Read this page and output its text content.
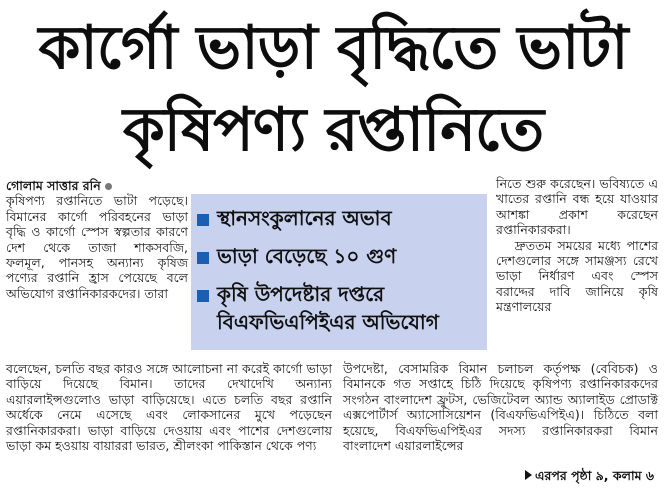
কার্গো ভাড়া বৃদ্ধিতে ভাটা
কৃষিপণ্য রপ্তানিতে
গোলাম সাত্তার রনি

কৃষিপণ্য রপ্তানিতে ভাটা পড়েছে। বিমানের কার্গো পরিবহনের ভাড়া বৃদ্ধি ও কার্গো স্পেস স্বল্পতার কারণে দেশ থেকে তাজা শাকসবজি, ফলমূল, পানসহ অন্যান্য কৃষিজ পণ্যের রপ্তানি হ্রাস পেয়েছে বলে অভিযোগ রপ্তানিকারকদের। তারা

স্থানসংকুলানের অভাব
ভাড়া বেড়েছে ১০ গুণ
কৃষি উপদেষ্টার দপ্তরে
বিএফভিএপিইএর অভিযোগ

নিতে শুরু করেছেন। ভবিষ্যতে এ খাতের রপ্তানি বন্ধ হয়ে যাওয়ার আশঙ্কা প্রকাশ করেছেন রপ্তানিকারকরা।

দ্রুততম সময়ের মধ্যে পাশের দেশগুলোর সঙ্গে সামঞ্জস্য রেখে ভাড়া নির্ধারণ এবং স্পেস বরাদ্দের দাবি জানিয়ে কৃষি মন্ত্রণালয়ের

বলেছেন, চলতি বছর কারও সঙ্গে আলোচনা না করেই কার্গো ভাড়া বাড়িয়ে দিয়েছে বিমান। তাদের দেখাদেখি অন্যান্য এয়ারলাইন্সগুলোও ভাড়া বাড়িয়েছে। এতে চলতি বছর রপ্তানি অর্ধেকে নেমে এসেছে এবং লোকসানের মুখে পড়েছেন রপ্তানিকারকরা। ভাড়া বাড়িয়ে দেওয়ায় এবং পাশের দেশগুলোয় ভাড়া কম হওয়ায় বায়াররা ভারত, শ্রীলংকা পাকিস্তান থেকে পণ্য

উপদেষ্টা, বেসামরিক বিমান চলাচল কর্তৃপক্ষ (বেবিচক) ও বিমানকে গত সপ্তাহে চিঠি দিয়েছে কৃষিপণ্য রপ্তানিকারকদের সংগঠন বাংলাদেশ ফ্রুটস, ভেজিটেবল অ্যান্ড অ্যালাইড প্রোডাক্ট এক্সপোর্টার্স অ্যাসোসিয়েশন (বিএফভিএপিইএ)। চিঠিতে বলা হয়েছে, বিএফভিএপিইএর সদস্য রপ্তানিকারকরা বিমান বাংলাদেশ এয়ারলাইন্সের

এরপর পৃষ্ঠা ৯, কলাম ৬
